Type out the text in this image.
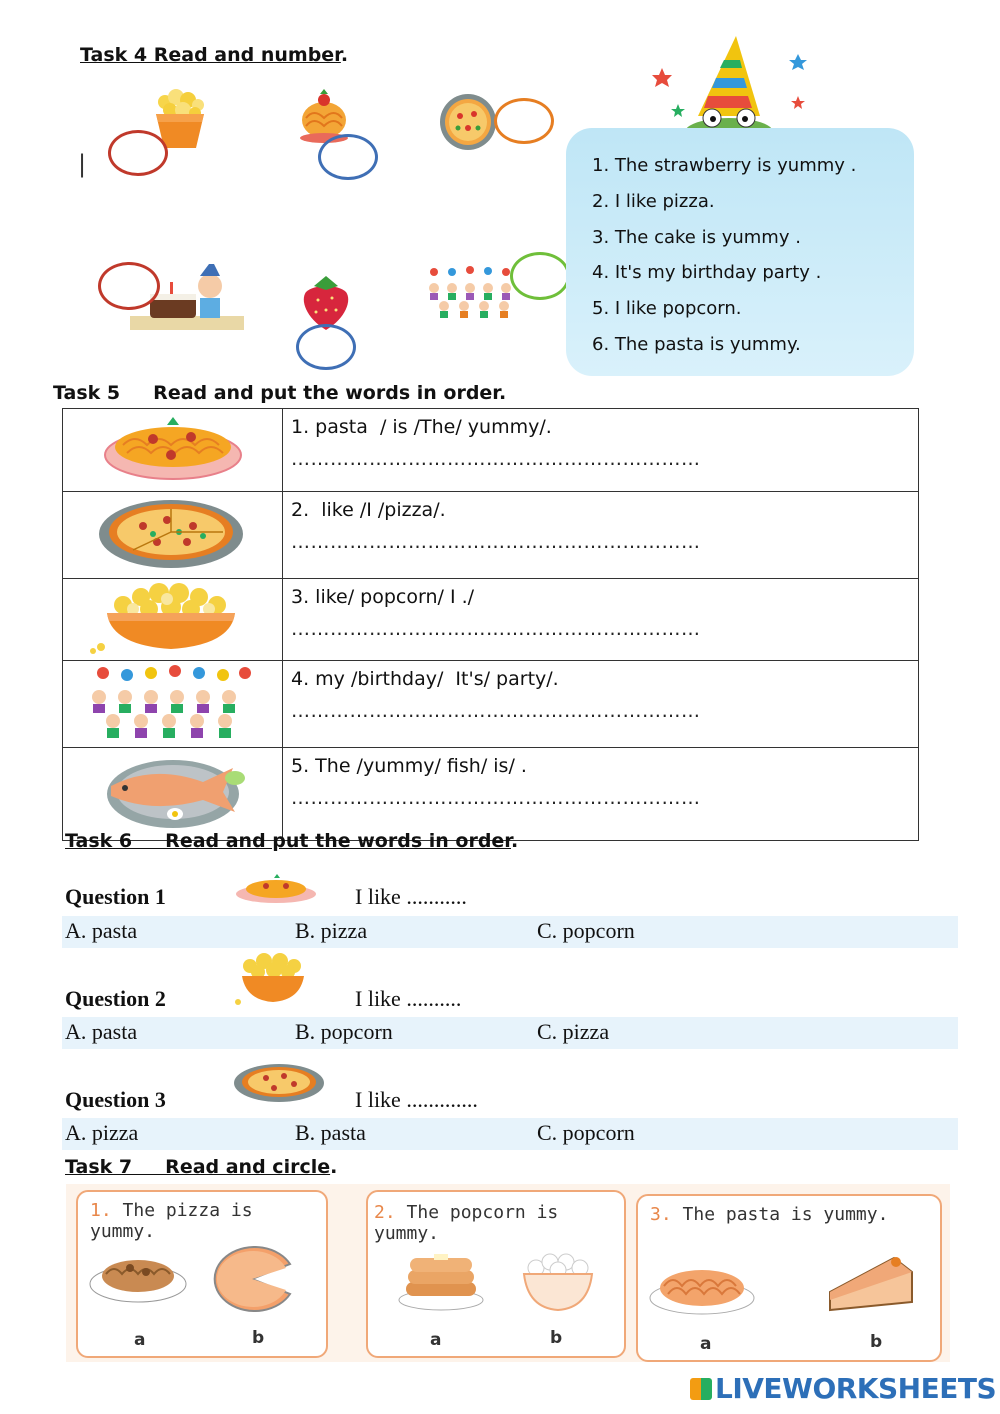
Task 4 Read and number.
|	1. The strawberry is yummy .
2. I like pizza.
3. The cake is yummy .
4. It's my birthday party .
5. I like popcorn.
6. The pasta is yummy.
Task 5     Read and put the words in order.

1. pasta  / is /The/ yummy/.
………………………………………………………

2.  like /I /pizza/.
………………………………………………………

3. like/ popcorn/ I ./
………………………………………………………

4. my /birthday/  It's/ party/.
………………………………………………………

5. The /yummy/ fish/ is/ .
………………………………………………………
Task 6     Read and put the words in order.
Question 1	I like ...........
A. pasta	B. pizza	C. popcorn
Question 2	I like ..........
A. pasta	B. popcorn	C. pizza
Question 3	I like .............
A. pizza	B. pasta	C. popcorn
Task 7     Read and circle.
1. The pizza is yummy.
a	b
2. The popcorn is yummy.
a	b
3. The pasta is yummy.
a	b
LIVEWORKSHEETS
